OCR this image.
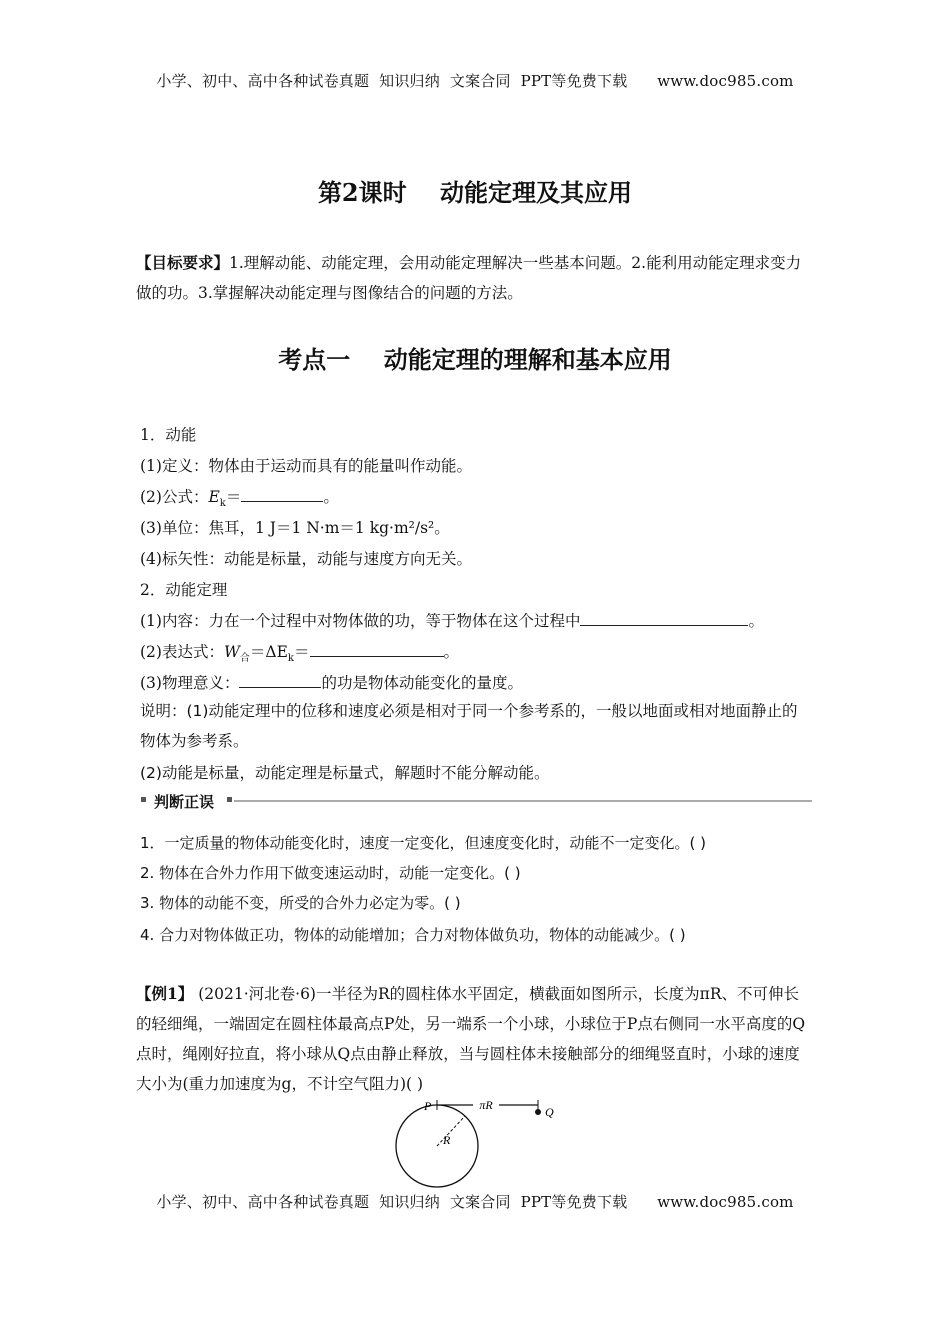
小学、初中、高中各种试卷真题  知识归纳  文案合同  PPT等免费下载      www.doc985.com
第2课时    动能定理及其应用
【目标要求】1.理解动能、动能定理，会用动能定理解决一些基本问题。2.能利用动能定理求变力做的功。3.掌握解决动能定理与图像结合的问题的方法。
考点一    动能定理的理解和基本应用
1．动能
(1)定义：物体由于运动而具有的能量叫作动能。
(2)公式：$E_k=$	。
(3)单位：焦耳，1 J＝1 N·m＝1 kg·m²/s²。
(4)标矢性：动能是标量，动能与速度方向无关。
2．动能定理
(1)内容：力在一个过程中对物体做的功，等于物体在这个过程中	。
(2)表达式：$W_合=\Delta E_k=$	。
(3)物理意义：	的功是物体动能变化的量度。
说明：(1)动能定理中的位移和速度必须是相对于同一个参考系的，一般以地面或相对地面静止的物体为参考系。
(2)动能是标量，动能定理是标量式，解题时不能分解动能。
判断正误
1．一定质量的物体动能变化时，速度一定变化，但速度变化时，动能不一定变化。( )
2. 物体在合外力作用下做变速运动时，动能一定变化。( )
3. 物体的动能不变，所受的合外力必定为零。( )
4. 合力对物体做正功，物体的动能增加；合力对物体做负功，物体的动能减少。( )
【例1】 (2021·河北卷·6)一半径为R的圆柱体水平固定，横截面如图所示，长度为πR、不可伸长的轻细绳，一端固定在圆柱体最高点P处，另一端系一个小球，小球位于P点右侧同一水平高度的Q点时，绳刚好拉直，将小球从Q点由静止释放，当与圆柱体未接触部分的细绳竖直时，小球的速度大小为(重力加速度为g，不计空气阻力)( )
πR
P	Q
R
小学、初中、高中各种试卷真题  知识归纳  文案合同  PPT等免费下载      www.doc985.com
